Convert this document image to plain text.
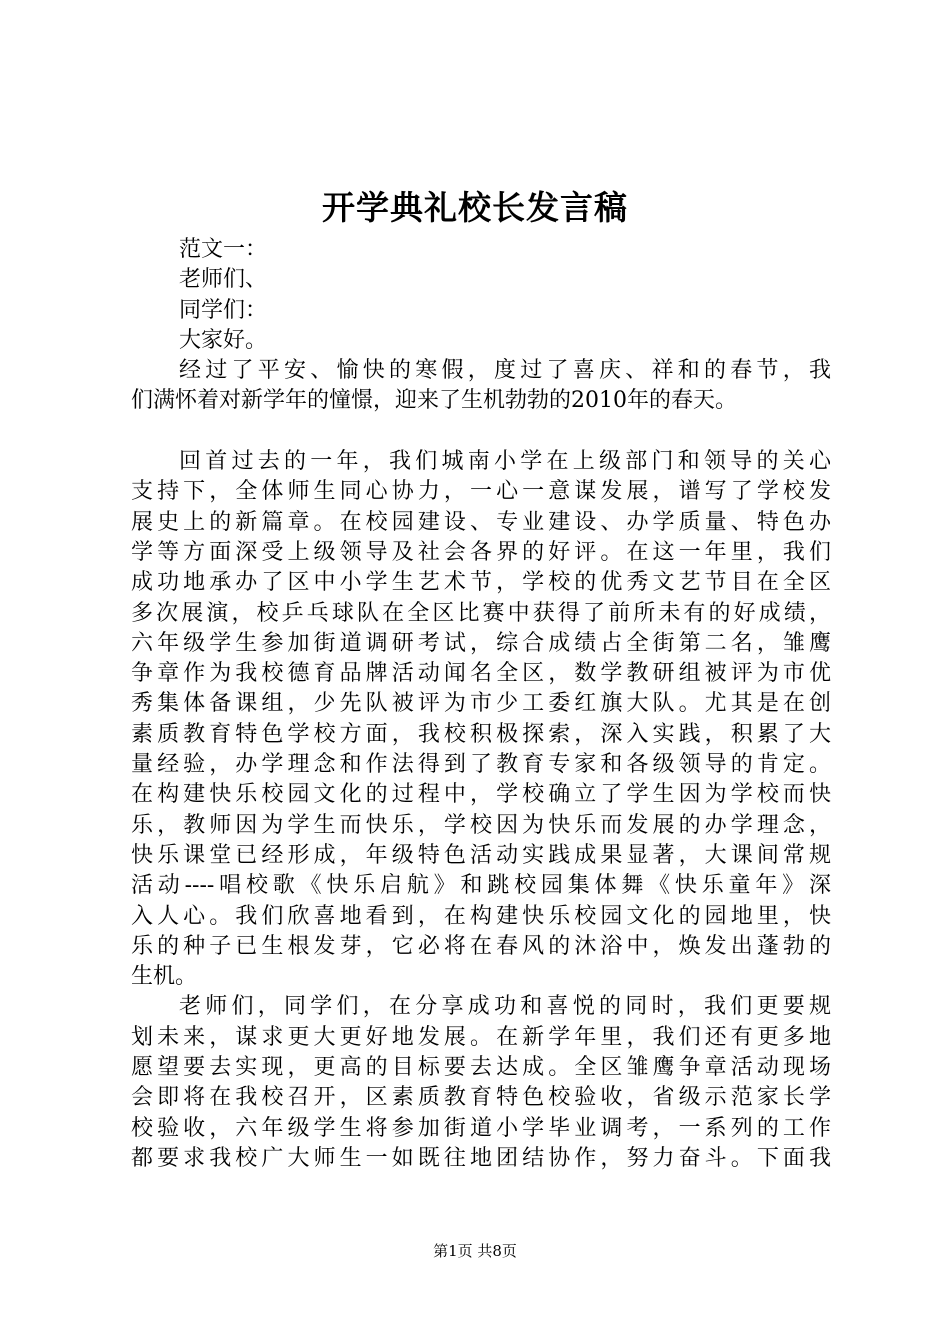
开学典礼校长发言稿
范文一：
老师们、
同学们：
大家好。
经过了平安、愉快的寒假，度过了喜庆、祥和的春节，我
们满怀着对新学年的憧憬，迎来了生机勃勃的2010年的春天。
回首过去的一年，我们城南小学在上级部门和领导的关心
支持下，全体师生同心协力，一心一意谋发展，谱写了学校发
展史上的新篇章。在校园建设、专业建设、办学质量、特色办
学等方面深受上级领导及社会各界的好评。在这一年里，我们
成功地承办了区中小学生艺术节，学校的优秀文艺节目在全区
多次展演，校乒乓球队在全区比赛中获得了前所未有的好成绩，
六年级学生参加街道调研考试，综合成绩占全街第二名，雏鹰
争章作为我校德育品牌活动闻名全区，数学教研组被评为市优
秀集体备课组，少先队被评为市少工委红旗大队。尤其是在创
素质教育特色学校方面，我校积极探索，深入实践，积累了大
量经验，办学理念和作法得到了教育专家和各级领导的肯定。
在构建快乐校园文化的过程中，学校确立了学生因为学校而快
乐，教师因为学生而快乐，学校因为快乐而发展的办学理念，
快乐课堂已经形成，年级特色活动实践成果显著，大课间常规
活动----唱校歌《快乐启航》和跳校园集体舞《快乐童年》深
入人心。我们欣喜地看到，在构建快乐校园文化的园地里，快
乐的种子已生根发芽，它必将在春风的沐浴中，焕发出蓬勃的
生机。
老师们，同学们，在分享成功和喜悦的同时，我们更要规
划未来，谋求更大更好地发展。在新学年里，我们还有更多地
愿望要去实现，更高的目标要去达成。全区雏鹰争章活动现场
会即将在我校召开，区素质教育特色校验收，省级示范家长学
校验收，六年级学生将参加街道小学毕业调考，一系列的工作
都要求我校广大师生一如既往地团结协作，努力奋斗。下面我
第1页 共8页
